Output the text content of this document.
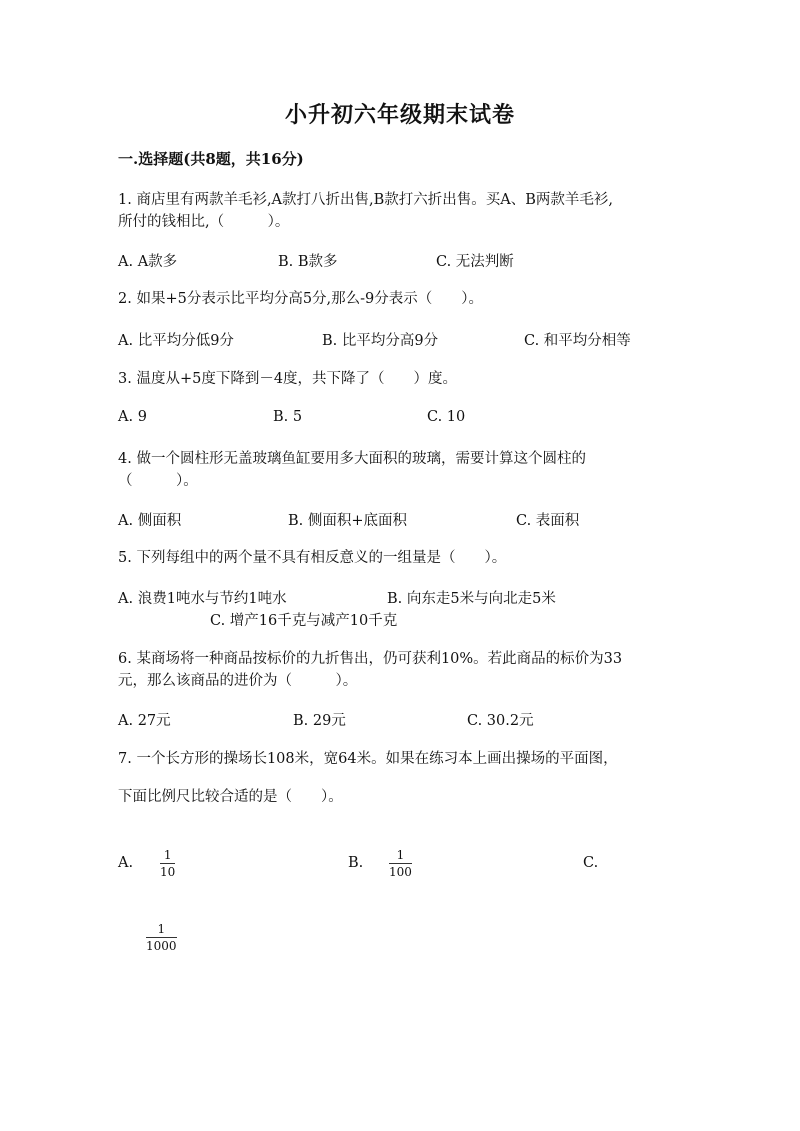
小升初六年级期末试卷
一.选择题(共8题，共16分)
1. 商店里有两款羊毛衫,A款打八折出售,B款打六折出售。买A、B两款羊毛衫,
所付的钱相比,（　　　）。
A. A款多	B. B款多	C. 无法判断
2. 如果+5分表示比平均分高5分,那么-9分表示（　　）。
A. 比平均分低9分	B. 比平均分高9分	C. 和平均分相等
3. 温度从+5度下降到－4度，共下降了（　　）度。
A. 9	B. 5	C. 10
4. 做一个圆柱形无盖玻璃鱼缸要用多大面积的玻璃，需要计算这个圆柱的
（　　　）。
A. 侧面积	B. 侧面积+底面积	C. 表面积
5. 下列每组中的两个量不具有相反意义的一组量是（　　）。
A. 浪费1吨水与节约1吨水	B. 向东走5米与向北走5米
C. 增产16千克与减产10千克
6. 某商场将一种商品按标价的九折售出，仍可获利10%。若此商品的标价为33
元，那么该商品的进价为（　　　）。
A. 27元	B. 29元	C. 30.2元
7. 一个长方形的操场长108米，宽64米。如果在练习本上画出操场的平面图，
下面比例尺比较合适的是（　　）。
A.	1
10
B.	1
100
C.
1
1000
